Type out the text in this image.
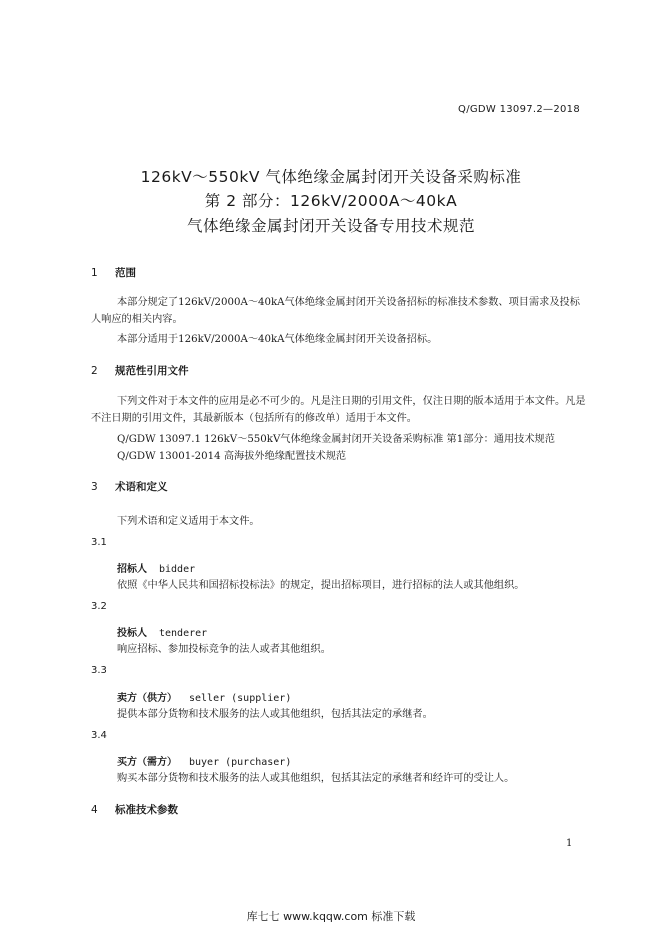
Q/GDW 13097.2—2018
126kV～550kV 气体绝缘金属封闭开关设备采购标准
第 2 部分：126kV/2000A～40kA
气体绝缘金属封闭开关设备专用技术规范
1 范围
本部分规定了126kV/2000A～40kA气体绝缘金属封闭开关设备招标的标准技术参数、项目需求及投标人响应的相关内容。
本部分适用于126kV/2000A～40kA气体绝缘金属封闭开关设备招标。
2 规范性引用文件
下列文件对于本文件的应用是必不可少的。凡是注日期的引用文件，仅注日期的版本适用于本文件。凡是不注日期的引用文件，其最新版本（包括所有的修改单）适用于本文件。
Q/GDW 13097.1 126kV～550kV气体绝缘金属封闭开关设备采购标准 第1部分：通用技术规范
Q/GDW 13001-2014 高海拔外绝缘配置技术规范
3 术语和定义
下列术语和定义适用于本文件。
3.1
招标人 bidder
依照《中华人民共和国招标投标法》的规定，提出招标项目，进行招标的法人或其他组织。
3.2
投标人 tenderer
响应招标、参加投标竞争的法人或者其他组织。
3.3
卖方（供方） seller (supplier)
提供本部分货物和技术服务的法人或其他组织，包括其法定的承继者。
3.4
买方（需方） buyer (purchaser)
购买本部分货物和技术服务的法人或其他组织，包括其法定的承继者和经许可的受让人。
4 标准技术参数
1
库七七 www.kqqw.com 标准下载
